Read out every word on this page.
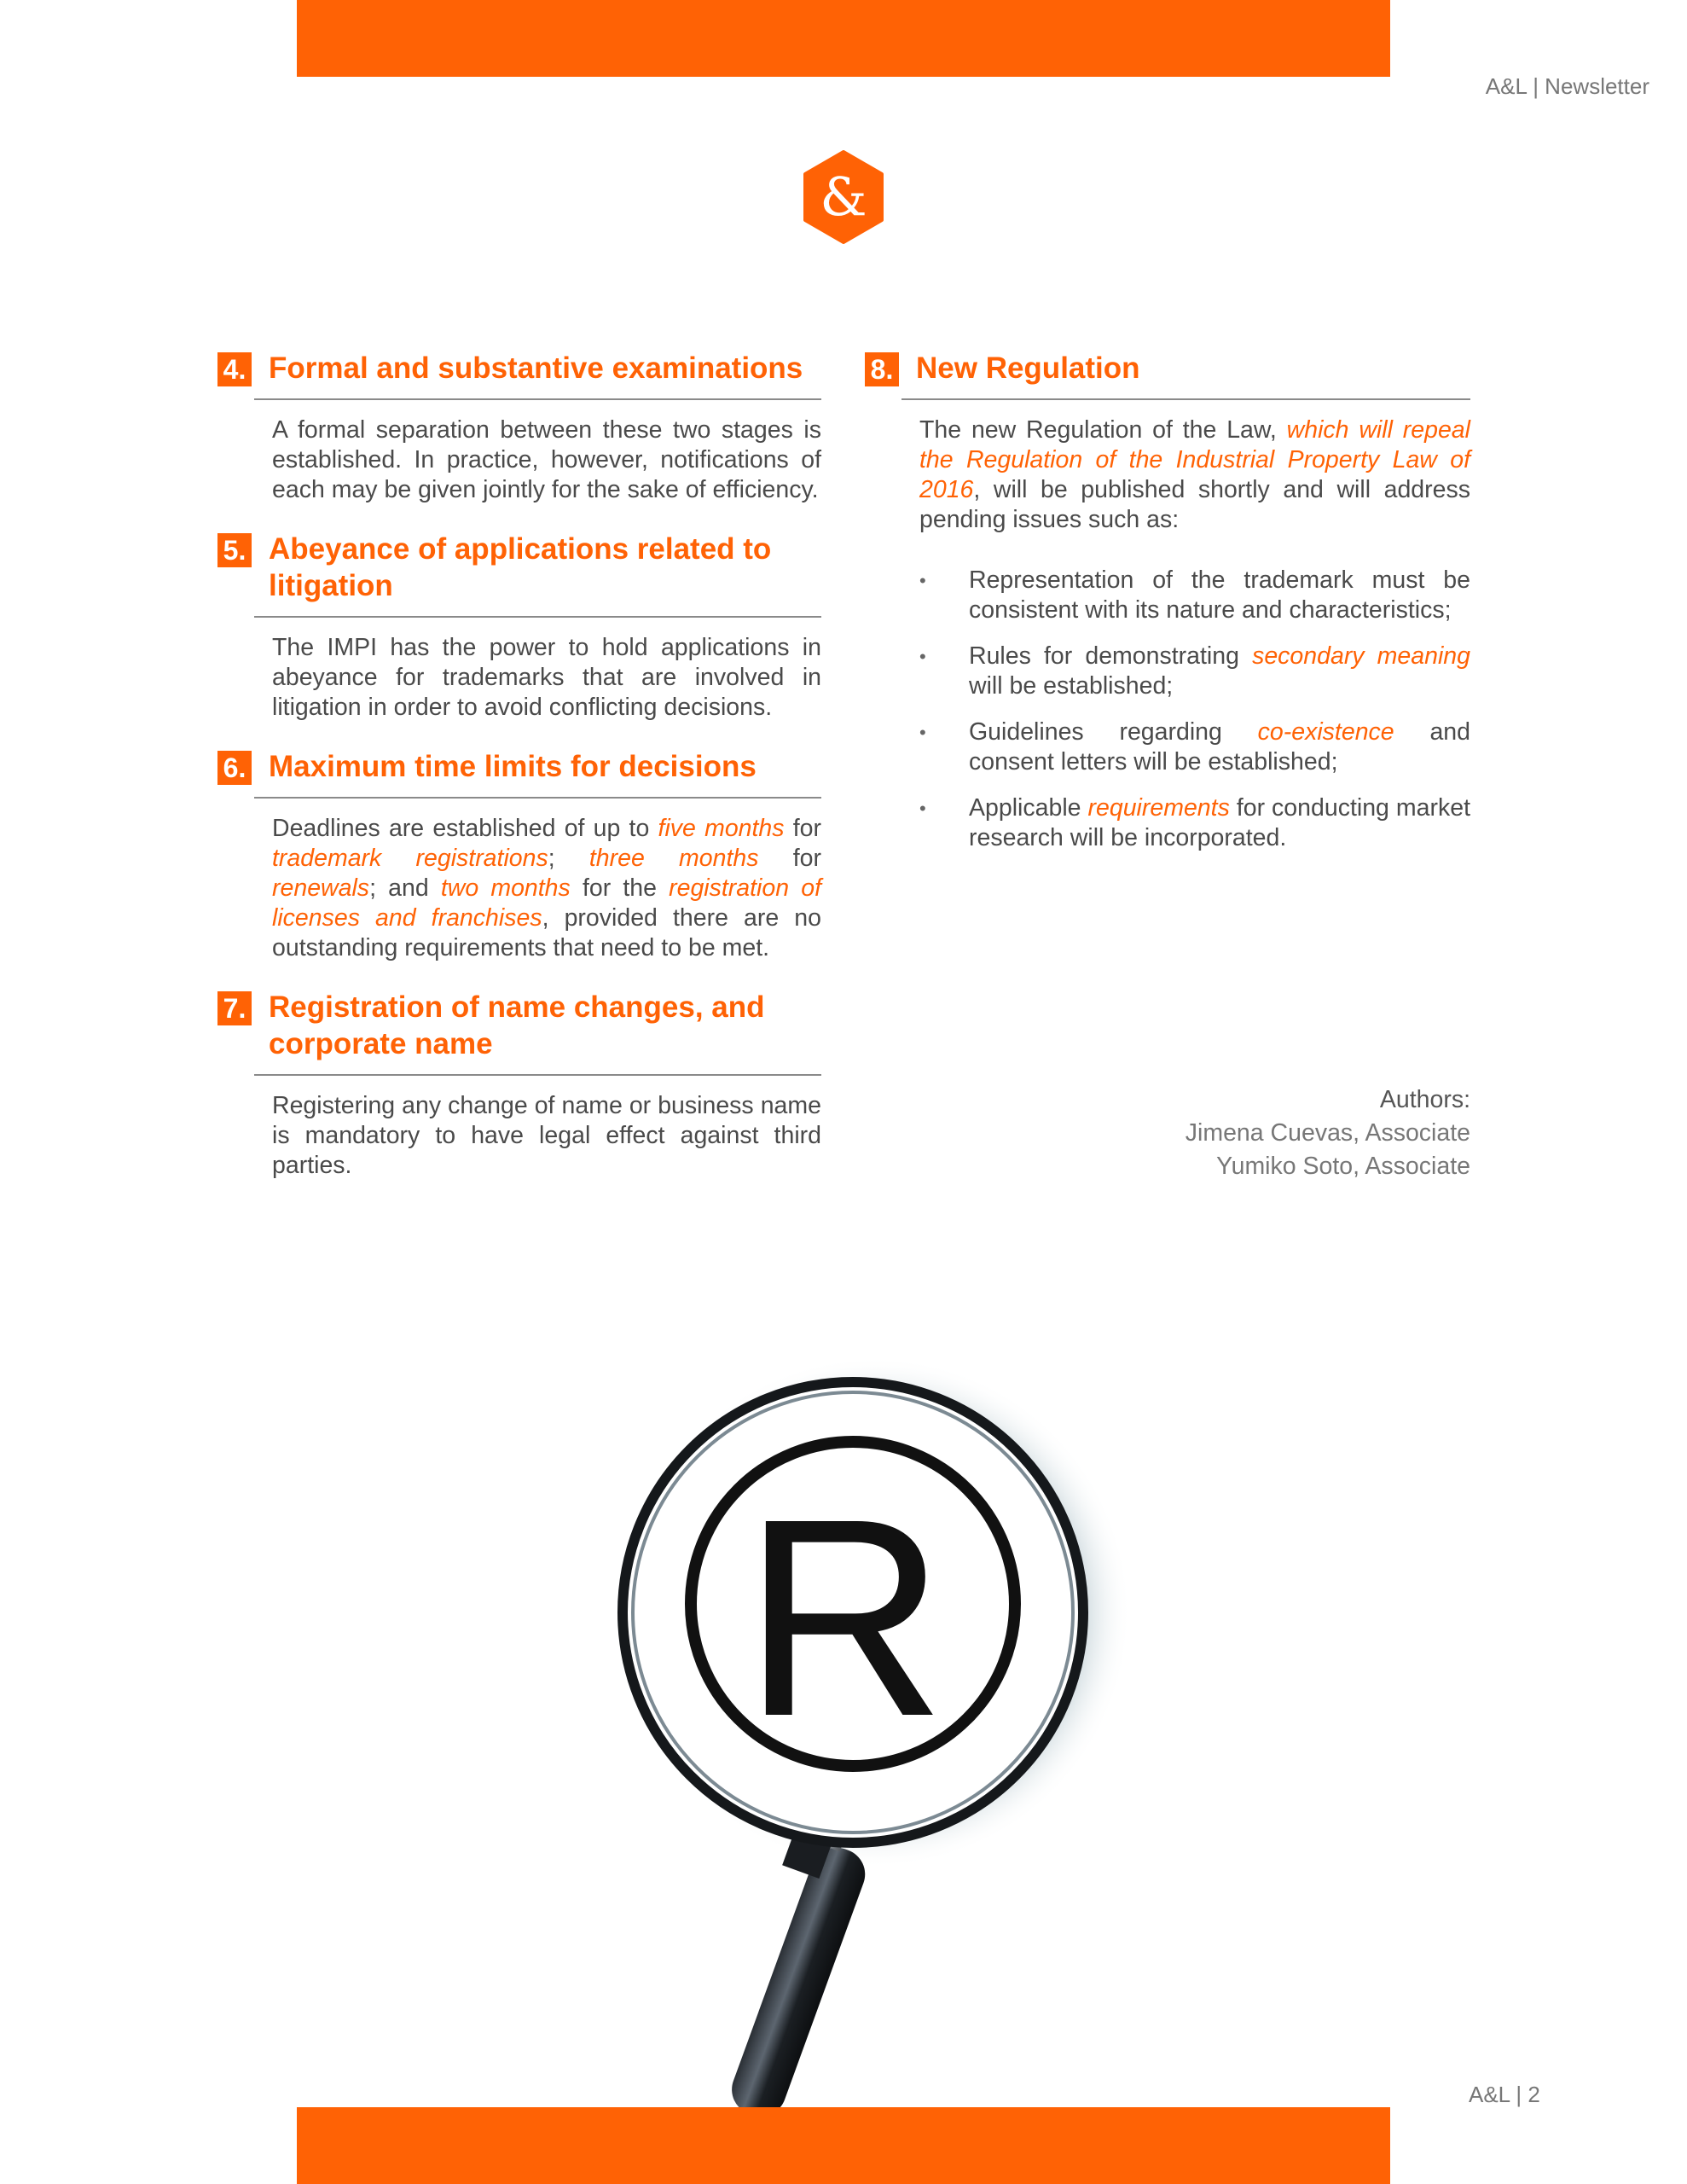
A&L | Newsletter
&
4. Formal and substantive examinations

A formal separation between these two stages is established. In practice, however, notifications of each may be given jointly for the sake of efficiency.

5. Abeyance of applications related to litigation

The IMPI has the power to hold applications in abeyance for trademarks that are involved in litigation in order to avoid conflicting decisions.

6. Maximum time limits for decisions

Deadlines are established of up to five months for trademark registrations; three months for renewals; and two months for the registration of licenses and franchises, provided there are no outstanding requirements that need to be met.

7. Registration of name changes, and corporate name

Registering any change of name or business name is mandatory to have legal effect against third parties.

8. New Regulation

The new Regulation of the Law, which will repeal the Regulation of the Industrial Property Law of 2016, will be published shortly and will address pending issues such as:

• Representation of the trademark must be consistent with its nature and characteristics;
• Rules for demonstrating secondary meaning will be established;
• Guidelines regarding co-existence and consent letters will be established;
• Applicable requirements for conducting market research will be incorporated.
Authors:
Jimena Cuevas, Associate
Yumiko Soto, Associate
R
A&L | 2
